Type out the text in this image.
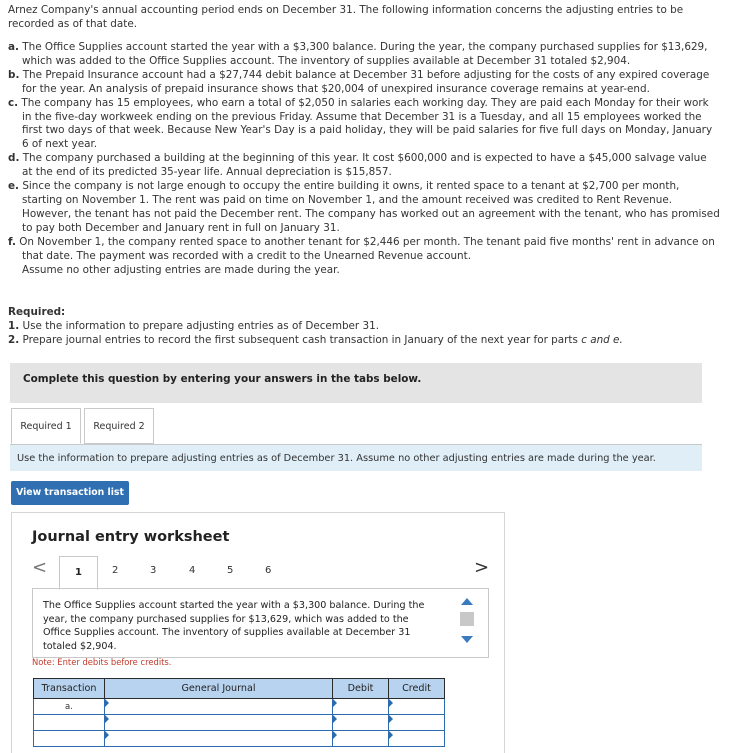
Arnez Company's annual accounting period ends on December 31. The following information concerns the adjusting entries to be recorded as of that date.

a. The Office Supplies account started the year with a $3,300 balance. During the year, the company purchased supplies for $13,629, which was added to the Office Supplies account. The inventory of supplies available at December 31 totaled $2,904.

b. The Prepaid Insurance account had a $27,744 debit balance at December 31 before adjusting for the costs of any expired coverage for the year. An analysis of prepaid insurance shows that $20,004 of unexpired insurance coverage remains at year-end.

c. The company has 15 employees, who earn a total of $2,050 in salaries each working day. They are paid each Monday for their work in the five-day workweek ending on the previous Friday. Assume that December 31 is a Tuesday, and all 15 employees worked the first two days of that week. Because New Year's Day is a paid holiday, they will be paid salaries for five full days on Monday, January 6 of next year.

d. The company purchased a building at the beginning of this year. It cost $600,000 and is expected to have a $45,000 salvage value at the end of its predicted 35-year life. Annual depreciation is $15,857.

e. Since the company is not large enough to occupy the entire building it owns, it rented space to a tenant at $2,700 per month, starting on November 1. The rent was paid on time on November 1, and the amount received was credited to Rent Revenue. However, the tenant has not paid the December rent. The company has worked out an agreement with the tenant, who has promised to pay both December and January rent in full on January 31.

f. On November 1, the company rented space to another tenant for $2,446 per month. The tenant paid five months' rent in advance on that date. The payment was recorded with a credit to the Unearned Revenue account.

Assume no other adjusting entries are made during the year.

Required:
1. Use the information to prepare adjusting entries as of December 31.
2. Prepare journal entries to record the first subsequent cash transaction in January of the next year for parts c and e.
Complete this question by entering your answers in the tabs below.
Required 1	Required 2
Use the information to prepare adjusting entries as of December 31. Assume no other adjusting entries are made during the year.
View transaction list
Journal entry worksheet
<	1	2	3	4	5	6	>
The Office Supplies account started the year with a $3,300 balance. During the year, the company purchased supplies for $13,629, which was added to the Office Supplies account. The inventory of supplies available at December 31 totaled $2,904.
Note: Enter debits before credits.
Transaction	General Journal	Debit	Credit
a.			
